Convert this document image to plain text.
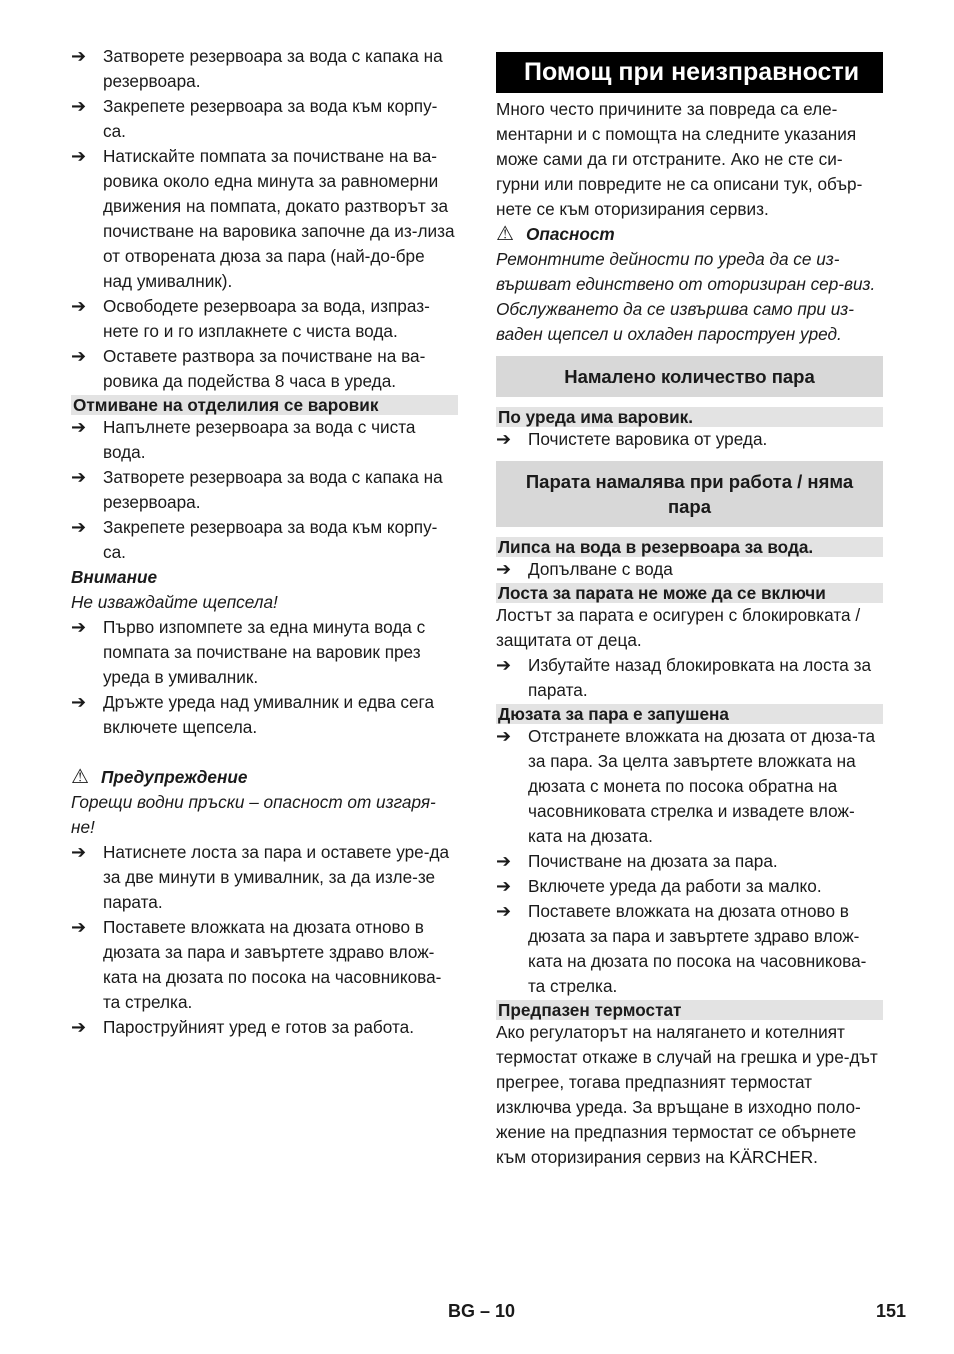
➔ Затворете резервоара за вода с капака на резервоара.
➔ Закрепете резервоара за вода към корпу-са.
➔ Натискайте помпата за почистване на ва-ровика около една минута за равномерни движения на помпата, докато разтворът за почистване на варовика започне да из-лиза от отворената дюза за пара (най-до-бре над умивалник).
➔ Освободете резервоара за вода, изпраз-нете го и го изплакнете с чиста вода.
➔ Оставете разтвора за почистване на ва-ровика да подейства 8 часа в уреда.
Отмиване на отделилия се варовик
➔ Напълнете резервоара за вода с чиста вода.
➔ Затворете резервоара за вода с капака на резервоара.
➔ Закрепете резервоара за вода към корпу-са.
Внимание
Не изваждайте щепсела!
➔ Първо изпомпете за една минута вода с помпата за почистване на варовик през уреда в умивалник.
➔ Дръжте уреда над умивалник и едва сега включете щепсела.
⚠ Предупреждение
Горещи водни пръски – опасност от изгаря-не!
➔ Натиснете лоста за пара и оставете уре-да за две минути в умивалник, за да изле-зе парата.
➔ Поставете вложката на дюзата отново в дюзата за пара и завъртете здраво влож-ката на дюзата по посока на часовникова-та стрелка.
➔ Пароструйният уред е готов за работа.
Помощ при неизправности
Много често причините за повреда са еле-ментарни и с помощта на следните указания може сами да ги отстраните. Ако не сте си-гурни или повредите не са описани тук, обър-нете се към оторизирания сервиз.
⚠ Опасност
Ремонтните дейности по уреда да се из-вършват единствено от оторизиран сер-виз.
Обслужването да се извършва само при из-ваден щепсел и охладен пароструен уред.
Намалено количество пара
По уреда има варовик.
➔ Почистете варовика от уреда.
Парата намалява при работа / няма пара
Липса на вода в резервоара за вода.
➔ Допълване с вода
Лоста за парата не може да се включи
Лостът за парата е осигурен с блокировката / защитата от деца.
➔ Избутайте назад блокировката на лоста за парата.
Дюзата за пара е запушена
➔ Отстранете вложката на дюзата от дюза-та за пара. За целта завъртете вложката на дюзата с монета по посока обратна на часовниковата стрелка и извадете влож-ката на дюзата.
➔ Почистване на дюзата за пара.
➔ Включете уреда да работи за малко.
➔ Поставете вложката на дюзата отново в дюзата за пара и завъртете здраво влож-ката на дюзата по посока на часовникова-та стрелка.
Предпазен термостат
Ако регулаторът на налягането и котелният термостат откаже в случай на грешка и уре-дът прегрее, тогава предпазният термостат изключва уреда. За връщане в изходно поло-жение на предпазния термостат се обърнете към оторизирания сервиз на KÄRCHER.
BG – 10	151
